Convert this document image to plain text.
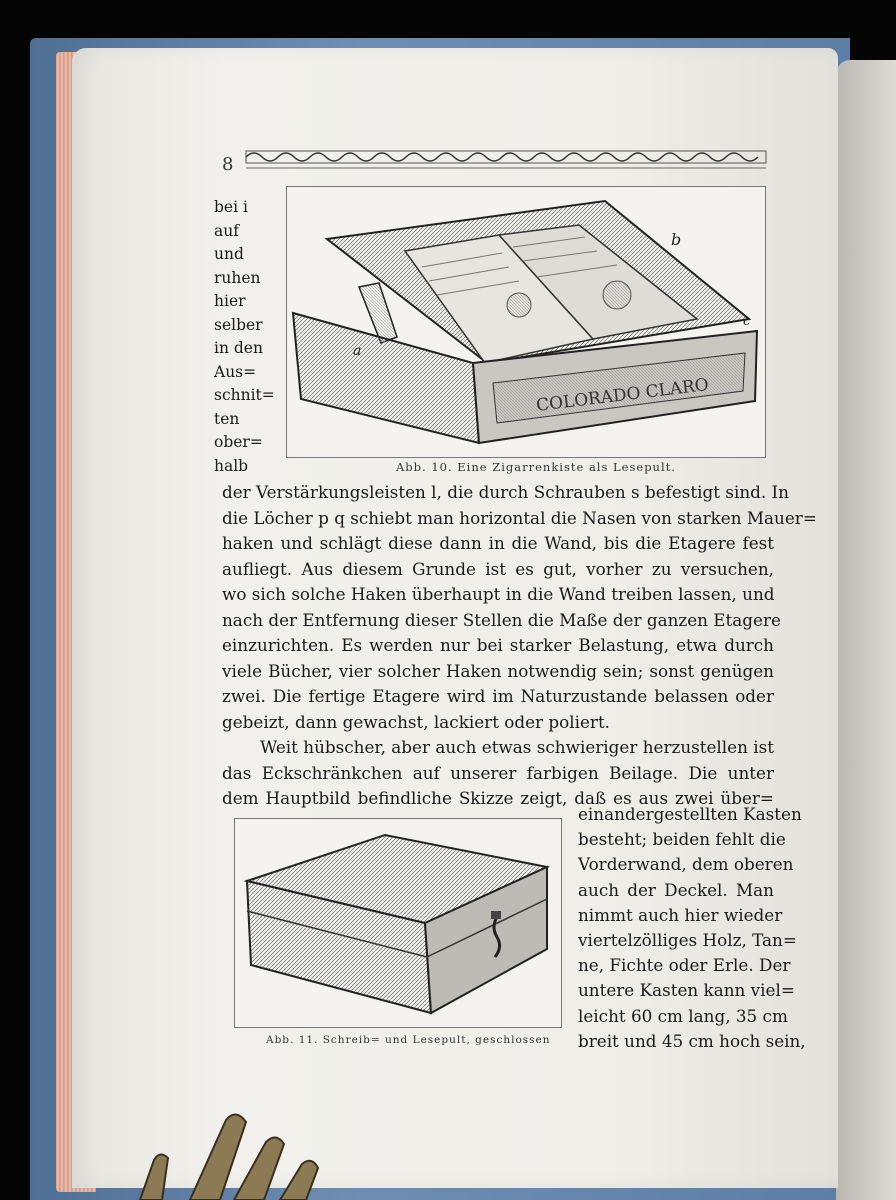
8
COLORADO CLARO
a
b
c
Abb. 10. Eine Zigarrenkiste als Lesepult.
bei i
auf
und
ruhen
hier
selber
in den
Aus=
schnit=
ten
ober=
halb
der Verstärkungsleisten l, die durch Schrauben s befestigt sind. In
die Löcher p q schiebt man horizontal die Nasen von starken Mauer=
haken und schlägt diese dann in die Wand, bis die Etagere fest
aufliegt. Aus diesem Grunde ist es gut, vorher zu versuchen,
wo sich solche Haken überhaupt in die Wand treiben lassen, und
nach der Entfernung dieser Stellen die Maße der ganzen Etagere
einzurichten. Es werden nur bei starker Belastung, etwa durch
viele Bücher, vier solcher Haken notwendig sein; sonst genügen
zwei. Die fertige Etagere wird im Naturzustande belassen oder
gebeizt, dann gewachst, lackiert oder poliert.
Weit hübscher, aber auch etwas schwieriger herzustellen ist
das Eckschränkchen auf unserer farbigen Beilage. Die unter
dem Hauptbild befindliche Skizze zeigt, daß es aus zwei über=
Abb. 11. Schreib= und Lesepult, geschlossen
einandergestellten Kasten
besteht; beiden fehlt die
Vorderwand, dem oberen
auch der Deckel. Man
nimmt auch hier wieder
viertelzölliges Holz, Tan=
ne, Fichte oder Erle. Der
untere Kasten kann viel=
leicht 60 cm lang, 35 cm
breit und 45 cm hoch sein,
